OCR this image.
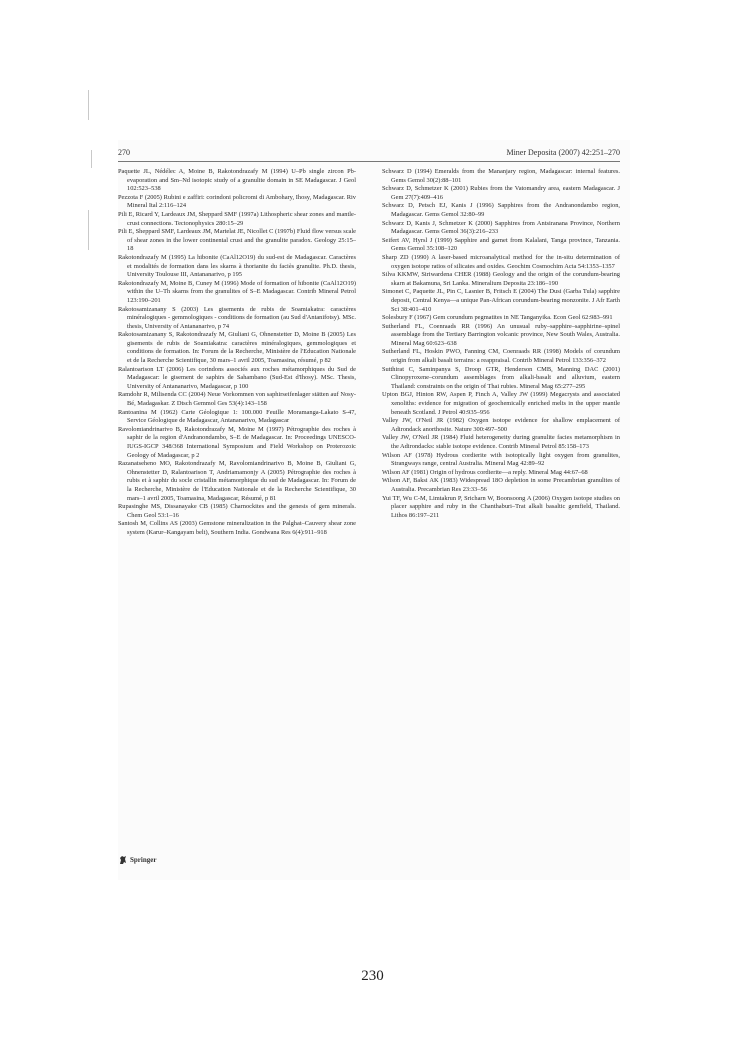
270	Miner Deposita (2007) 42:251–270

Paquette JL, Nédélec A, Moine B, Rakotondrazafy M (1994) U–Pb single zircon Pb-evaporation and Sm–Nd isotopic study of a granulite domain in SE Madagascar. J Geol 102:523–538

Pezzota F (2005) Rubini e zaffiri: corindoni policromi di Ambohary, Ihosy, Madagascar. Riv Mineral Ital 2:116–124

Pili E, Ricard Y, Lardeaux JM, Sheppard SMF (1997a) Lithospheric shear zones and mantle-crust connections. Tectonophysics 280:15–29

Pili E, Sheppard SMF, Lardeaux JM, Martelat JE, Nicollet C (1997b) Fluid flow versus scale of shear zones in the lower continental crust and the granulite paradox. Geology 25:15–18

Rakotondrazafy M (1995) La hibonite (CaAl12O19) du sud-est de Madagascar. Caractères et modalités de formation dans les skarns à thorianite du faciès granulite. Ph.D. thesis, University Toulouse III, Antananarivo, p 195

Rakotondrazafy M, Moine B, Cuney M (1996) Mode of formation of hibonite (CaAl12O19) within the U–Th skarns from the granulites of S–E Madagascar. Contrib Mineral Petrol 123:190–201

Rakotosamizanany S (2003) Les gisements de rubis de Soamiakatra: caractères minéralogiques - gemmologiques - conditions de formation (au Sud d'Antanifotsy). MSc. thesis, University of Antananarivo, p 74

Rakotosamizanany S, Rakotondrazafy M, Giuliani G, Ohnenstetter D, Moine B (2005) Les gisements de rubis de Soamiakatra: caractères minéralogiques, gemmologiques et conditions de formation. In: Forum de la Recherche, Ministère de l'Education Nationale et de la Recherche Scientifique, 30 mars–1 avril 2005, Toamasina, résumé, p 82

Ralantoarison LT (2006) Les corindons associés aux roches métamorphiques du Sud de Madagascar: le gisement de saphirs de Sahambano (Sud-Est d'Ihosy). MSc. Thesis, University of Antananarivo, Madagascar, p 100

Ramdohr R, Milisenda CC (2004) Neue Vorkommen von saphirseifenlager stätten auf Nosy-Bé, Madagaskar. Z Dtsch Gemmol Ges 53(4):143–158

Rantoanina M (1962) Carte Géologique 1: 100.000 Feuille Moramanga-Lakato S-47, Service Géologique de Madagascar, Antananarivo, Madagascar

Ravolomiandrinarivo B, Rakotondrazafy M, Moine M (1997) Pétrographie des roches à saphir de la region d'Andranondambo, S–E de Madagascar. In: Proceedings UNESCO-IUGS-IGCP 348/368 International Symposium and Field Workshop on Proterozoic Geology of Madagascar, p 2

Razanatseheno MO, Rakotondrazafy M, Ravolomiandrinarivo B, Moine B, Giuliani G, Ohnenstetter D, Ralantoarison T, Andriamamonjy A (2005) Pétrographie des roches à rubis et à saphir du socle cristallin métamorphique du sud de Madagascar. In: Forum de la Recherche, Ministère de l'Education Nationale et de la Recherche Scientifique, 30 mars–1 avril 2005, Toamasina, Madagascar, Résumé, p 81

Rupasinghe MS, Dissanayake CB (1985) Charnockites and the genesis of gem minerals. Chem Geol 53:1–16

Santosh M, Collins AS (2003) Gemstone mineralization in the Palghat–Cauvery shear zone system (Karur–Kangayam belt), Southern India. Gondwana Res 6(4):911–918

Schwarz D (1994) Emeralds from the Mananjary region, Madagascar: internal features. Gems Gemol 30(2):88–101

Schwarz D, Schmetzer K (2001) Rubies from the Vatomandry area, eastern Madagascar. J Gem 27(7):409–416

Schwarz D, Petsch EJ, Kanis J (1996) Sapphires from the Andranondambo region, Madagascar. Gems Gemol 32:80–99

Schwarz D, Kanis J, Schmetzer K (2000) Sapphires from Antsiranana Province, Northern Madagascar. Gems Gemol 36(3):216–233

Seifert AV, Hyrsl J (1999) Sapphire and garnet from Kalalani, Tanga province, Tanzania. Gems Gemol 35:108–120

Sharp ZD (1990) A laser-based microanalytical method for the in-situ determination of oxygen isotope ratios of silicates and oxides. Geochim Cosmochim Acta 54:1353–1357

Silva KKMW, Siriwardena CHER (1988) Geology and the origin of the corundum-bearing skarn at Bakamuna, Sri Lanka. Mineralium Deposita 23:186–190

Simonet C, Paquette JL, Pin C, Lasnier B, Fritsch E (2004) The Dusi (Garba Tula) sapphire deposit, Central Kenya—a unique Pan-African corundum-bearing monzonite. J Afr Earth Sci 38:401–410

Solesbury F (1967) Gem corundum pegmatites in NE Tanganyika. Econ Geol 62:983–991

Sutherland FL, Coenraads RR (1996) An unusual ruby–sapphire–sapphirine–spinel assemblage from the Tertiary Barrington volcanic province, New South Wales, Australia. Mineral Mag 60:623–638

Sutherland FL, Hoskin PWO, Fanning CM, Coenraads RR (1998) Models of corundum origin from alkali basalt terrains: a reappraisal. Contrib Mineral Petrol 133:356–372

Sutthirat C, Saminpanya S, Droop GTR, Henderson CMB, Manning DAC (2001) Clinopyroxene–corundum assemblages from alkali-basalt and alluvium, eastern Thailand: constraints on the origin of Thai rubies. Mineral Mag 65:277–295

Upton BGJ, Hinton RW, Aspen P, Finch A, Valley JW (1999) Megacrysts and associated xenoliths: evidence for migration of geochemically enriched melts in the upper mantle beneath Scotland. J Petrol 40:935–956

Valley JW, O'Neil JR (1982) Oxygen isotope evidence for shallow emplacement of Adirondack anorthosite. Nature 300:497–500

Valley JW, O'Neil JR (1984) Fluid heterogeneity during granulite facies metamorphism in the Adirondacks: stable isotope evidence. Contrib Mineral Petrol 85:158–173

Wilson AF (1978) Hydrous cordierite with isotopically light oxygen from granulites, Strangways range, central Australia. Mineral Mag 42:89–92

Wilson AF (1981) Origin of hydrous cordierite—a reply. Mineral Mag 44:67–68

Wilson AF, Baksi AK (1983) Widespread 18O depletion in some Precambrian granulites of Australia. Precambrian Res 23:33–56

Yui TF, Wu C-M, Limtakrun P, Sricharn W, Boonsoong A (2006) Oxygen isotope studies on placer sapphire and ruby in the Chanthaburi–Trat alkali basaltic gemfield, Thailand. Lithos 86:197–211

Springer
230
